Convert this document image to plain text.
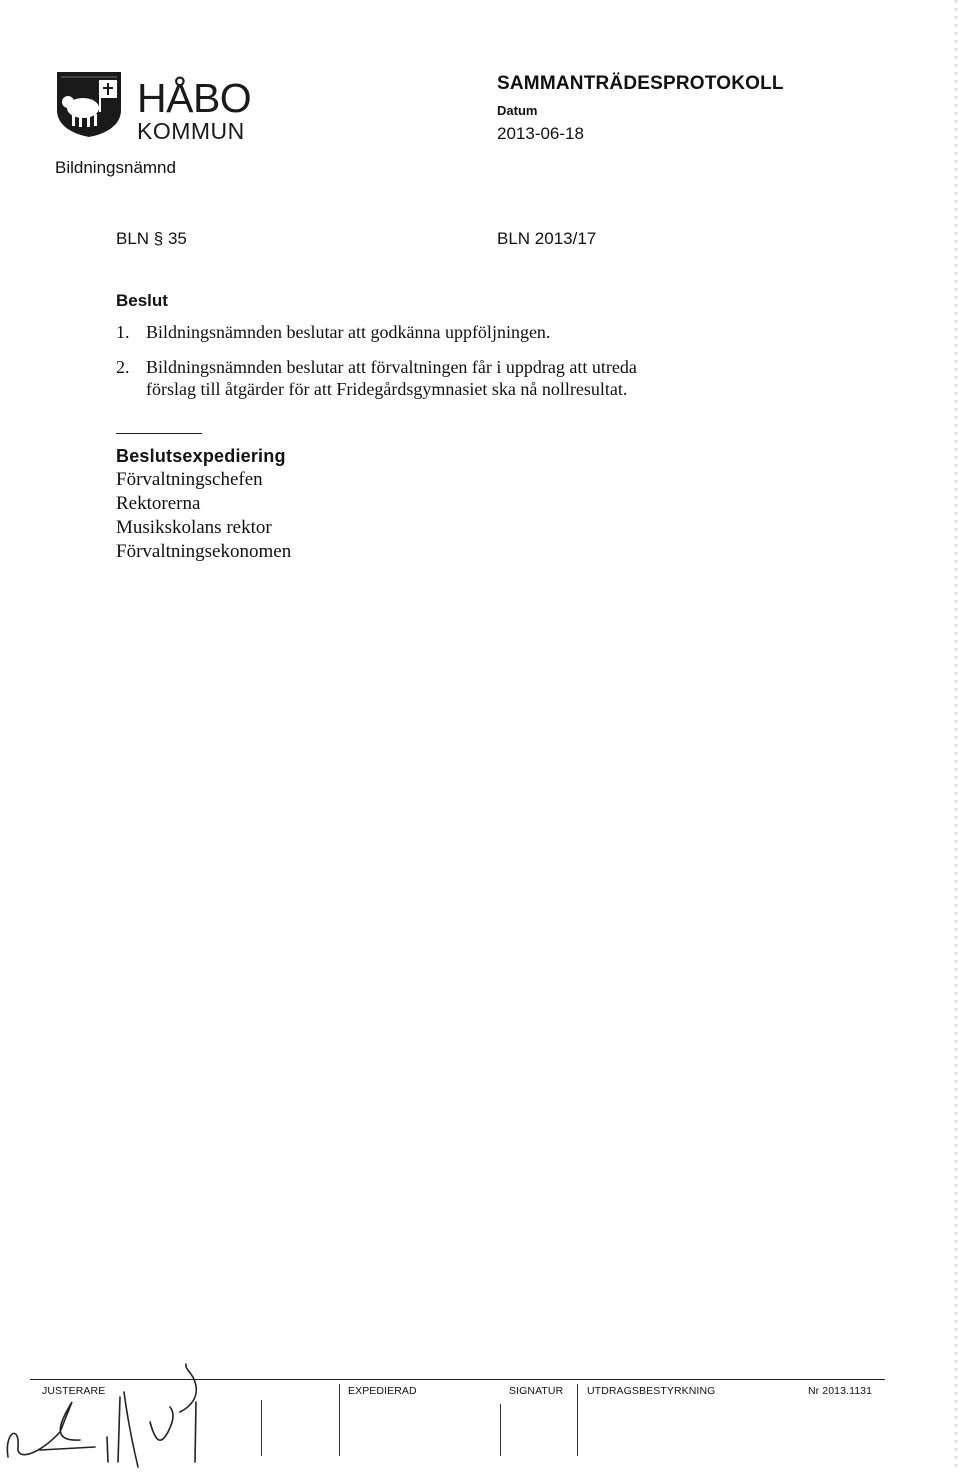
HÅBO
KOMMUN
Bildningsnämnd
SAMMANTRÄDESPROTOKOLL
Datum
2013-06-18
BLN § 35	BLN 2013/17
Beslut
1. Bildningsnämnden beslutar att godkänna uppföljningen.
2. Bildningsnämnden beslutar att förvaltningen får i uppdrag att utreda
förslag till åtgärder för att Fridegårdsgymnasiet ska nå nollresultat.
Beslutsexpediering
Förvaltningschefen
Rektorerna
Musikskolans rektor
Förvaltningsekonomen
JUSTERARE	EXPEDIERAD	SIGNATUR UTDRAGSBESTYRKNING	Nr 2013.1131
